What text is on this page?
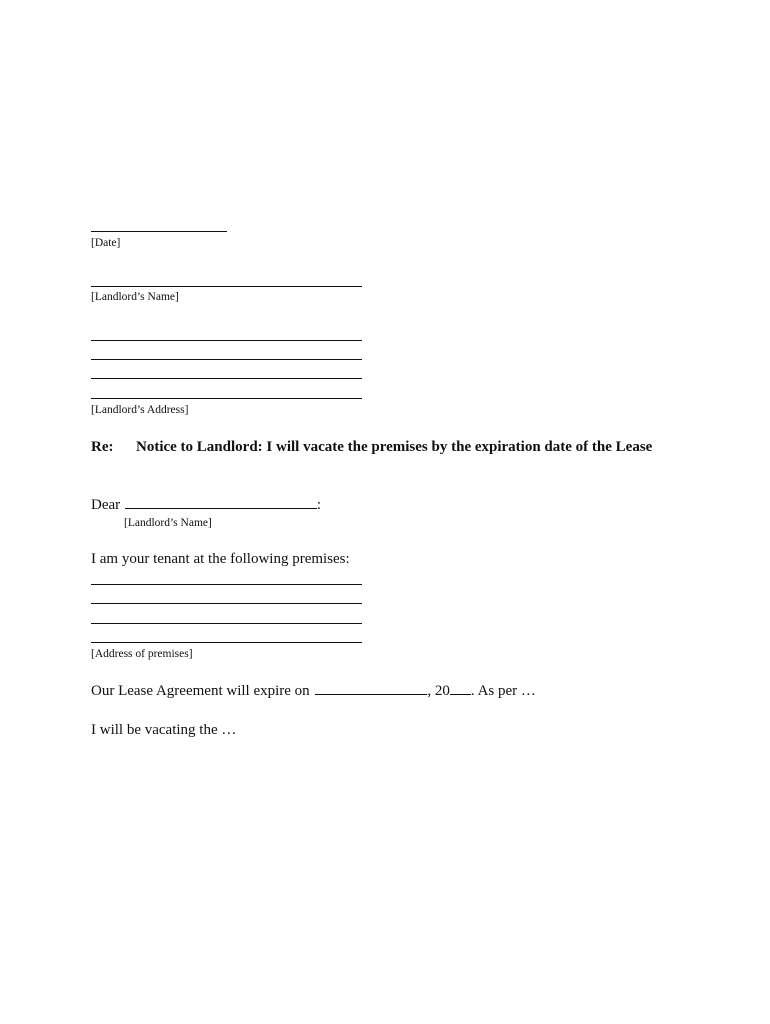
[Date]
[Landlord’s Name]
[Landlord’s Address]
Re: Notice to Landlord: I will vacate the premises by the expiration date of the Lease
Dear	:
[Landlord’s Name]
I am your tenant at the following premises:
[Address of premises]
Our Lease Agreement will expire on	, 20 . As per …
I will be vacating the …
